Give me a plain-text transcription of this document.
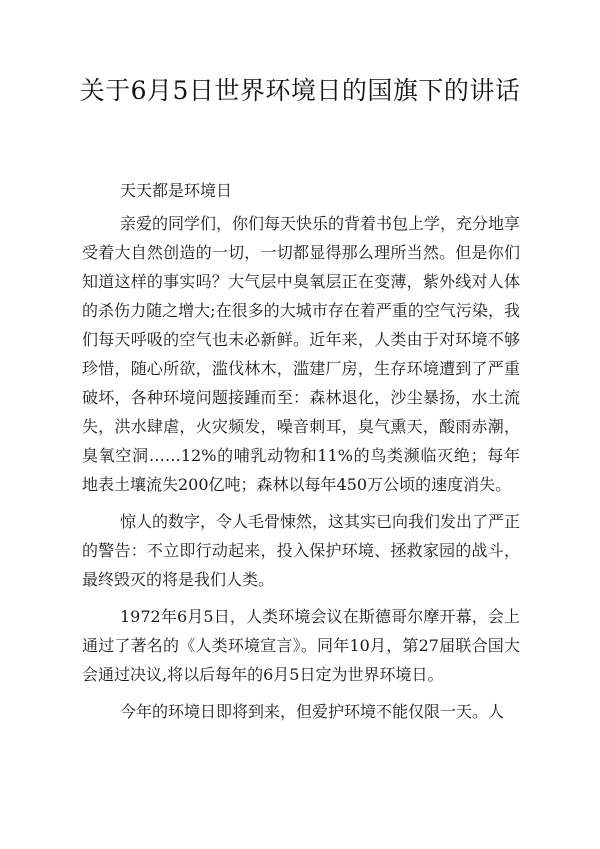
关于6月5日世界环境日的国旗下的讲话

天天都是环境日

亲爱的同学们，你们每天快乐的背着书包上学，充分地享受着大自然创造的一切，一切都显得那么理所当然。但是你们知道这样的事实吗？大气层中臭氧层正在变薄，紫外线对人体的杀伤力随之增大;在很多的大城市存在着严重的空气污染，我们每天呼吸的空气也未必新鲜。近年来，人类由于对环境不够珍惜，随心所欲，滥伐林木，滥建厂房，生存环境遭到了严重破坏，各种环境问题接踵而至：森林退化，沙尘暴扬，水土流失，洪水肆虐，火灾频发，噪音刺耳，臭气熏天，酸雨赤潮，臭氧空洞……12%的哺乳动物和11%的鸟类濒临灭绝；每年地表土壤流失200亿吨；森林以每年450万公顷的速度消失。

惊人的数字，令人毛骨悚然，这其实已向我们发出了严正的警告：不立即行动起来，投入保护环境、拯救家园的战斗，最终毁灭的将是我们人类。

1972年6月5日，人类环境会议在斯德哥尔摩开幕，会上通过了著名的《人类环境宣言》。同年10月，第27届联合国大会通过决议,将以后每年的6月5日定为世界环境日。

今年的环境日即将到来，但爱护环境不能仅限一天。人
